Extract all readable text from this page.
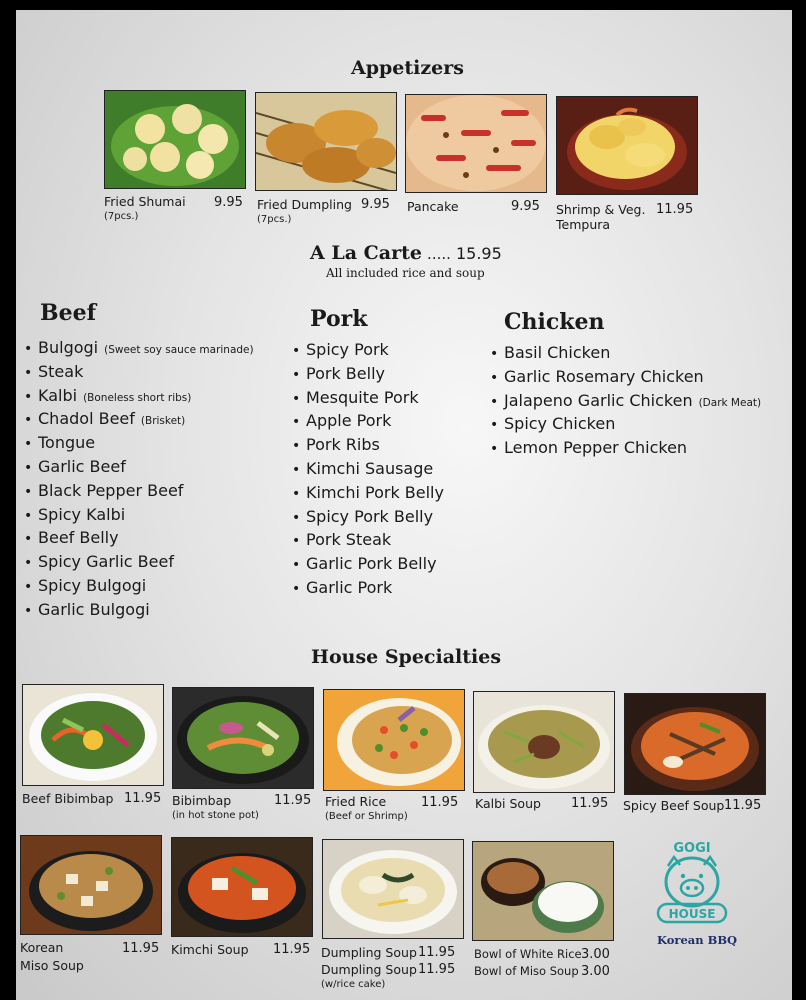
Appetizers
Fried Shumai
(7pcs.)
9.95 Fried Dumpling
(7pcs.)
9.95 Pancake	9.95 Shrimp & Veg.
Tempura
11.95
A La Carte ..... 15.95
All included rice and soup
Beef
• Bulgogi (Sweet soy sauce marinade)
• Steak
• Kalbi (Boneless short ribs)
• Chadol Beef (Brisket)
• Tongue
• Garlic Beef
• Black Pepper Beef
• Spicy Kalbi
• Beef Belly
• Spicy Garlic Beef
• Spicy Bulgogi
• Garlic Bulgogi
Pork
• Spicy Pork
• Pork Belly
• Mesquite Pork
• Apple Pork
• Pork Ribs
• Kimchi Sausage
• Kimchi Pork Belly
• Spicy Pork Belly
• Pork Steak
• Garlic Pork Belly
• Garlic Pork
Chicken
• Basil Chicken
• Garlic Rosemary Chicken
• Jalapeno Garlic Chicken (Dark Meat)
• Spicy Chicken
• Lemon Pepper Chicken
House Specialties
Beef Bibimbap 11.95 Bibimbap
(in hot stone pot)
11.95 Fried Rice
(Beef or Shrimp)
11.95 Kalbi Soup 11.95 Spicy Beef Soup 11.95
Korean
Miso Soup
11.95 Kimchi Soup 11.95 Dumpling Soup 11.95
Dumpling Soup
(w/rice cake)
11.95
Bowl of White Rice 3.00
Bowl of Miso Soup 3.00
GOGI
HOUSE
Korean BBQ
